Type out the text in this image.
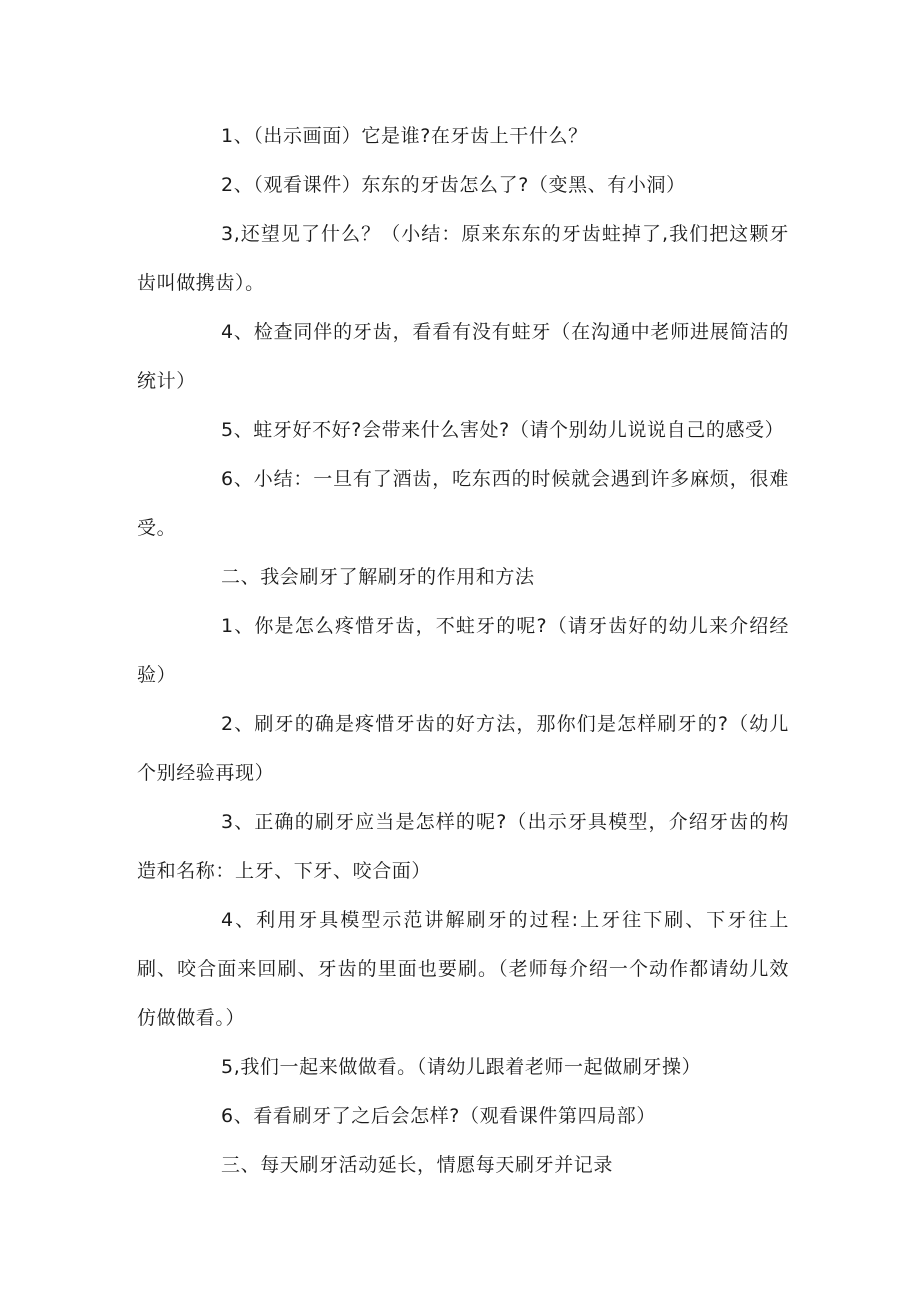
1、（出示画面）它是谁?在牙齿上干什么？

2、（观看课件）东东的牙齿怎么了?（变黑、有小洞）

3,还望见了什么？（小结：原来东东的牙齿蛀掉了,我们把这颗牙齿叫做携齿）。

4、检查同伴的牙齿，看看有没有蛀牙（在沟通中老师进展简洁的统计）

5、蛀牙好不好?会带来什么害处?（请个别幼儿说说自己的感受）

6、小结：一旦有了酒齿，吃东西的时候就会遇到许多麻烦，很难受。

二、我会刷牙了解刷牙的作用和方法

1、你是怎么疼惜牙齿，不蛀牙的呢?（请牙齿好的幼儿来介绍经验）

2、刷牙的确是疼惜牙齿的好方法，那你们是怎样刷牙的?（幼儿个别经验再现）

3、正确的刷牙应当是怎样的呢?（出示牙具模型，介绍牙齿的构造和名称：上牙、下牙、咬合面）

4、利用牙具模型示范讲解刷牙的过程:上牙往下刷、下牙往上刷、咬合面来回刷、牙齿的里面也要刷。（老师每介绍一个动作都请幼儿效仿做做看。）

5,我们一起来做做看。（请幼儿跟着老师一起做刷牙操）

6、看看刷牙了之后会怎样?（观看课件第四局部）

三、每天刷牙活动延长，情愿每天刷牙并记录
